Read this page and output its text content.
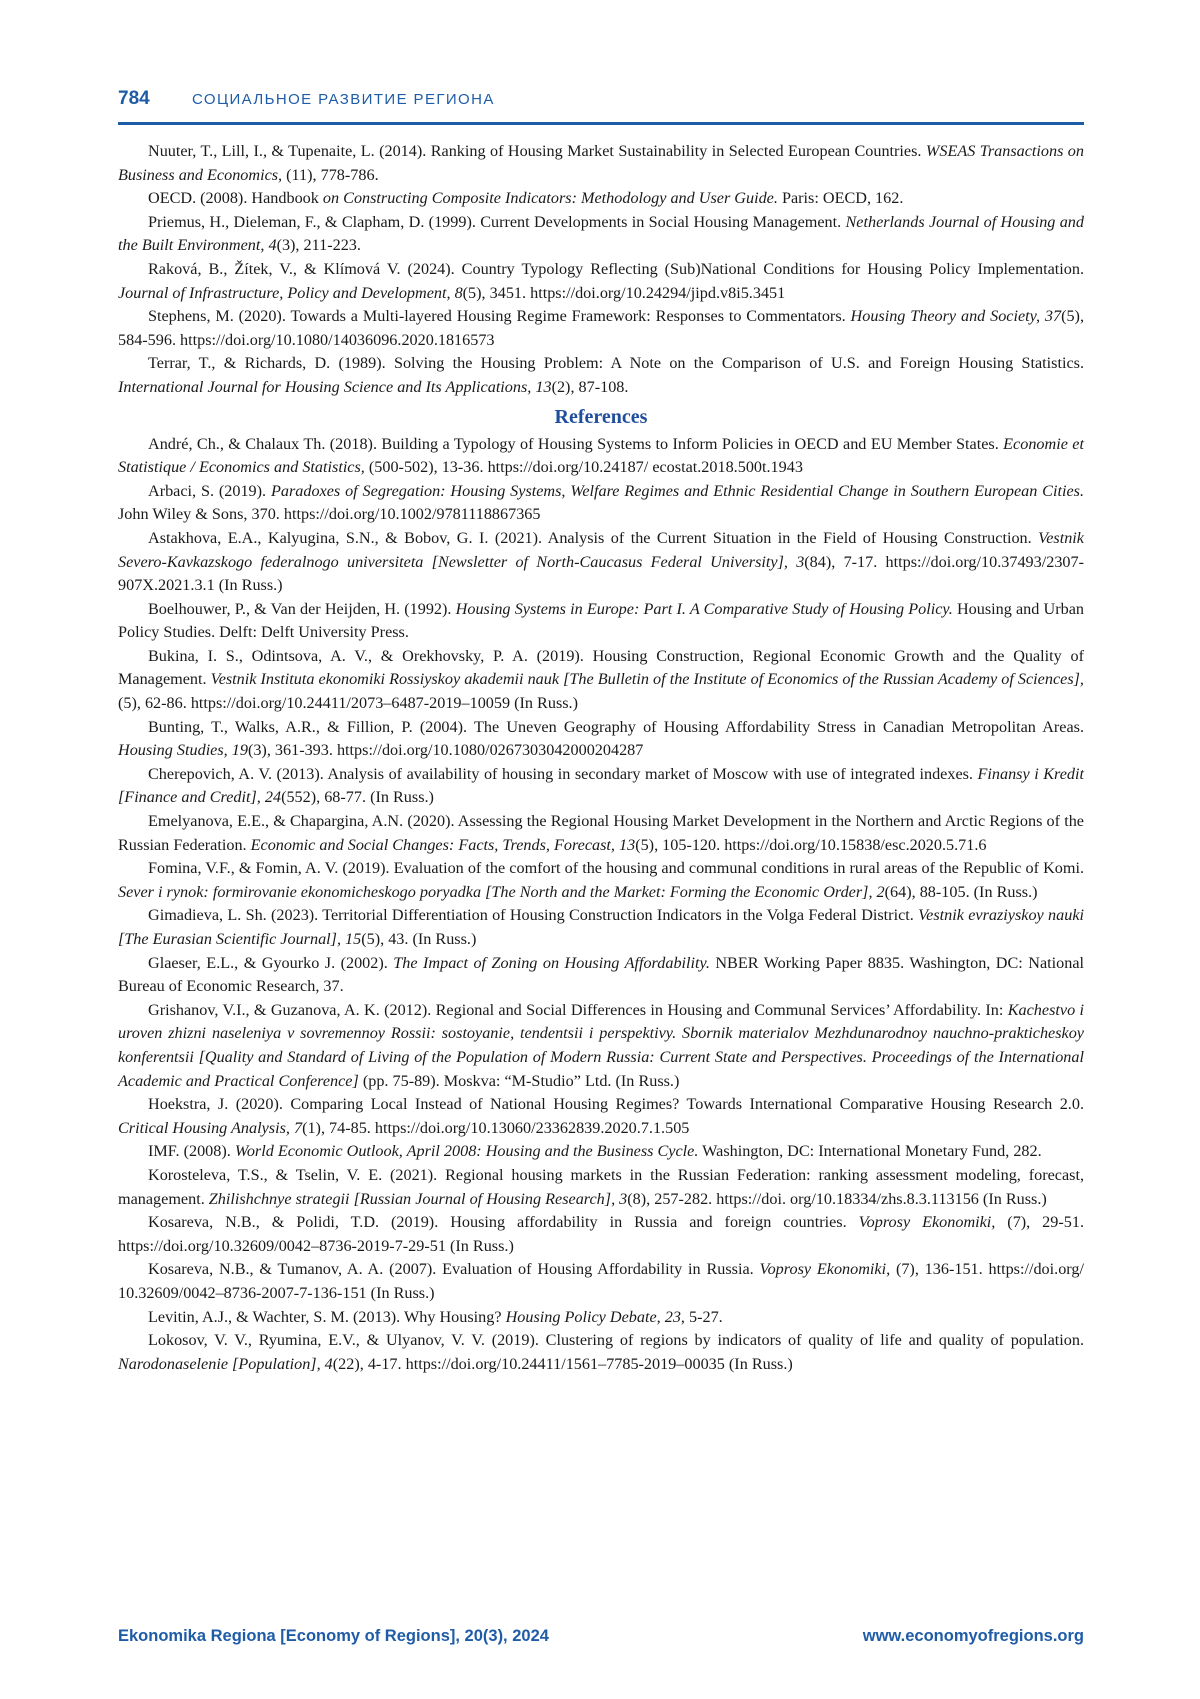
784	СОЦИАЛЬНОЕ РАЗВИТИЕ РЕГИОНА

Nuuter, T., Lill, I., & Tupenaite, L. (2014). Ranking of Housing Market Sustainability in Selected European Countries. WSEAS Transactions on Business and Economics, (11), 778-786.

OECD. (2008). Handbook on Constructing Composite Indicators: Methodology and User Guide. Paris: OECD, 162.

Priemus, H., Dieleman, F., & Clapham, D. (1999). Current Developments in Social Housing Management. Netherlands Journal of Housing and the Built Environment, 4(3), 211-223.

Raková, B., Žítek, V., & Klímová V. (2024). Country Typology Reflecting (Sub)National Conditions for Housing Policy Implementation. Journal of Infrastructure, Policy and Development, 8(5), 3451. https://doi.org/10.24294/jipd.v8i5.3451

Stephens, M. (2020). Towards a Multi-layered Housing Regime Framework: Responses to Commentators. Housing Theory and Society, 37(5), 584-596. https://doi.org/10.1080/14036096.2020.1816573

Terrar, T., & Richards, D. (1989). Solving the Housing Problem: A Note on the Comparison of U.S. and Foreign Housing Statistics. International Journal for Housing Science and Its Applications, 13(2), 87-108.

References

André, Ch., & Chalaux Th. (2018). Building a Typology of Housing Systems to Inform Policies in OECD and EU Member States. Economie et Statistique / Economics and Statistics, (500-502), 13-36. https://doi.org/10.24187/ ecostat.2018.500t.1943

Arbaci, S. (2019). Paradoxes of Segregation: Housing Systems, Welfare Regimes and Ethnic Residential Change in Southern European Cities. John Wiley & Sons, 370. https://doi.org/10.1002/9781118867365

Astakhova, E.A., Kalyugina, S.N., & Bobov, G. I. (2021). Analysis of the Current Situation in the Field of Housing Construction. Vestnik Severo-Kavkazskogo federalnogo universiteta [Newsletter of North-Caucasus Federal University], 3(84), 7-17. https://doi.org/10.37493/2307-907X.2021.3.1 (In Russ.)

Boelhouwer, P., & Van der Heijden, H. (1992). Housing Systems in Europe: Part I. A Comparative Study of Housing Policy. Housing and Urban Policy Studies. Delft: Delft University Press.

Bukina, I. S., Odintsova, A. V., & Orekhovsky, P. A. (2019). Housing Construction, Regional Economic Growth and the Quality of Management. Vestnik Instituta ekonomiki Rossiyskoy akademii nauk [The Bulletin of the Institute of Economics of the Russian Academy of Sciences], (5), 62-86. https://doi.org/10.24411/2073–6487-2019–10059 (In Russ.)

Bunting, T., Walks, A.R., & Fillion, P. (2004). The Uneven Geography of Housing Affordability Stress in Canadian Metropolitan Areas. Housing Studies, 19(3), 361-393. https://doi.org/10.1080/0267303042000204287

Cherepovich, A. V. (2013). Analysis of availability of housing in secondary market of Moscow with use of integrated indexes. Finansy i Kredit [Finance and Credit], 24(552), 68-77. (In Russ.)

Emelyanova, E.E., & Chapargina, A.N. (2020). Assessing the Regional Housing Market Development in the Northern and Arctic Regions of the Russian Federation. Economic and Social Changes: Facts, Trends, Forecast, 13(5), 105-120. https://doi.org/10.15838/esc.2020.5.71.6

Fomina, V.F., & Fomin, A. V. (2019). Evaluation of the comfort of the housing and communal conditions in rural areas of the Republic of Komi. Sever i rynok: formirovanie ekonomicheskogo poryadka [The North and the Market: Forming the Economic Order], 2(64), 88-105. (In Russ.)

Gimadieva, L. Sh. (2023). Territorial Differentiation of Housing Construction Indicators in the Volga Federal District. Vestnik evraziyskoy nauki [The Eurasian Scientific Journal], 15(5), 43. (In Russ.)

Glaeser, E.L., & Gyourko J. (2002). The Impact of Zoning on Housing Affordability. NBER Working Paper 8835. Washington, DC: National Bureau of Economic Research, 37.

Grishanov, V.I., & Guzanova, A. K. (2012). Regional and Social Differences in Housing and Communal Services’ Affordability. In: Kachestvo i uroven zhizni naseleniya v sovremennoy Rossii: sostoyanie, tendentsii i perspektivy. Sbornik materialov Mezhdunarodnoy nauchno-prakticheskoy konferentsii [Quality and Standard of Living of the Population of Modern Russia: Current State and Perspectives. Proceedings of the International Academic and Practical Conference] (pp. 75-89). Moskva: “M-Studio” Ltd. (In Russ.)

Hoekstra, J. (2020). Comparing Local Instead of National Housing Regimes? Towards International Comparative Housing Research 2.0. Critical Housing Analysis, 7(1), 74-85. https://doi.org/10.13060/23362839.2020.7.1.505

IMF. (2008). World Economic Outlook, April 2008: Housing and the Business Cycle. Washington, DC: International Monetary Fund, 282.

Korosteleva, T.S., & Tselin, V. E. (2021). Regional housing markets in the Russian Federation: ranking assessment modeling, forecast, management. Zhilishchnye strategii [Russian Journal of Housing Research], 3(8), 257-282. https://doi. org/10.18334/zhs.8.3.113156 (In Russ.)

Kosareva, N.B., & Polidi, T.D. (2019). Housing affordability in Russia and foreign countries. Voprosy Ekonomiki, (7), 29-51. https://doi.org/10.32609/0042–8736-2019-7-29-51 (In Russ.)

Kosareva, N.B., & Tumanov, A. A. (2007). Evaluation of Housing Affordability in Russia. Voprosy Ekonomiki, (7), 136-151. https://doi.org/ 10.32609/0042–8736-2007-7-136-151 (In Russ.)

Levitin, A.J., & Wachter, S. M. (2013). Why Housing? Housing Policy Debate, 23, 5-27.

Lokosov, V. V., Ryumina, E.V., & Ulyanov, V. V. (2019). Clustering of regions by indicators of quality of life and quality of population. Narodonaselenie [Population], 4(22), 4-17. https://doi.org/10.24411/1561–7785-2019–00035 (In Russ.)

Ekonomika Regiona [Economy of Regions], 20(3), 2024	www.economyofregions.org
